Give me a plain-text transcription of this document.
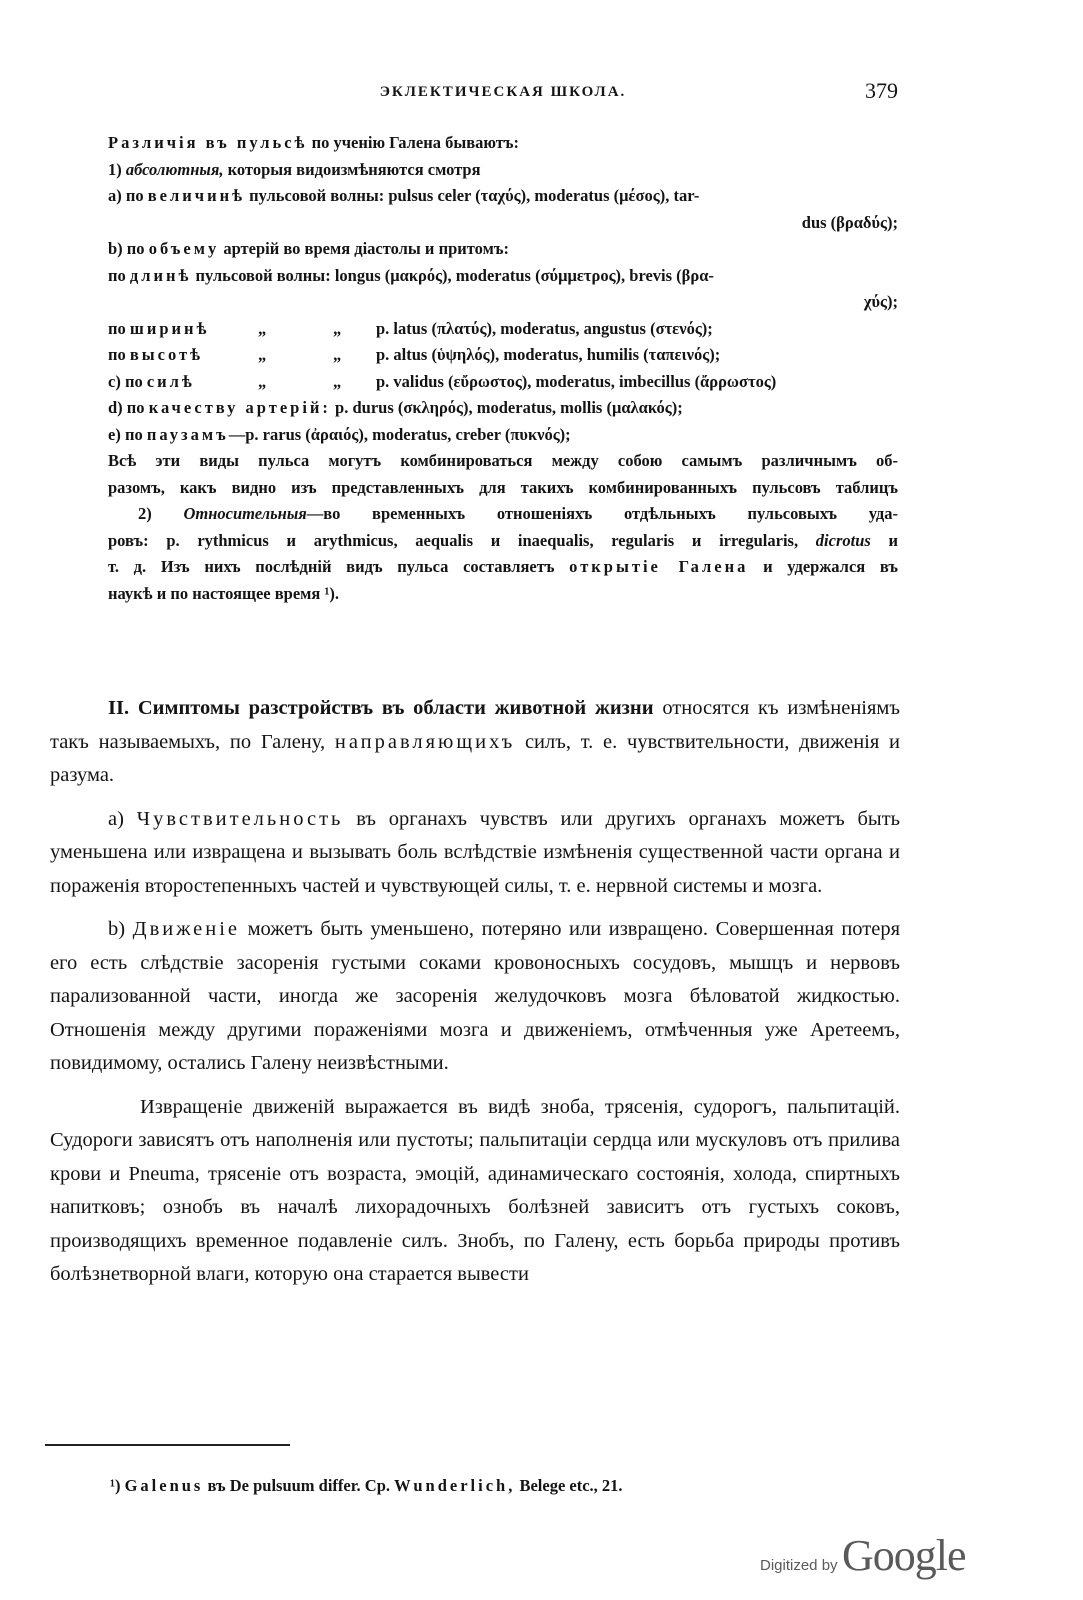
ЭКЛЕКТИЧЕСКАЯ ШКОЛА.	379
Различія въ пульсѣ по ученію Галена бываютъ:
1) абсолютныя, которыя видоизмѣняются смотря
a) по величинѣ пульсовой волны: pulsus celer (ταχύς), moderatus (μέσος), tar-
dus (βραδύς);
b) по объему артерій во время діастолы и притомъ:
по длинѣ пульсовой волны: longus (μακρός), moderatus (σύμμετρος), brevis (βρα-
χύς);
по ширинѣ	„	„ p. latus (πλατύς), moderatus, angustus (στενός);
по высотѣ	„	„ p. altus (ὑψηλός), moderatus, humilis (ταπεινός);
c) по силѣ	„	„ p. validus (εὔρωστος), moderatus, imbecillus (ἄρρωστος)
d) по качеству артерій: p. durus (σκληρός), moderatus, mollis (μαλακός);
e) по паузамъ—p. rarus (ἀραιός), moderatus, creber (πυκνός);
Всѣ эти виды пульса могутъ комбинироваться между собою самымъ различнымъ об-
разомъ, какъ видно изъ представленныхъ для такихъ комбинированныхъ пульсовъ таблицъ
2) Относительныя—во временныхъ отношеніяхъ отдѣльныхъ пульсовыхъ уда-
ровъ: p. rythmicus и arythmicus, aequalis и inaequalis, regularis и irregularis, dicrotus и
т. д. Изъ нихъ послѣдній видъ пульса составляетъ открытіе Галена и удержался въ
наукѣ и по настоящее время ¹).

II. Симптомы разстройствъ въ области животной жизни относятся къ измѣненіямъ такъ называемыхъ, по Галену, направляющихъ силъ, т. е. чувствительности, движенія и разума.

a) Чувствительность въ органахъ чувствъ или другихъ органахъ можетъ быть уменьшена или извращена и вызывать боль вслѣдствіе измѣненія существенной части органа и пораженія второстепенныхъ частей и чувствующей силы, т. е. нервной системы и мозга.

b) Движеніе можетъ быть уменьшено, потеряно или извращено. Совершенная потеря его есть слѣдствіе засоренія густыми соками кровоносныхъ сосудовъ, мышцъ и нервовъ парализованной части, иногда же засоренія желудочковъ мозга бѣловатой жидкостью. Отношенія между другими пораженіями мозга и движеніемъ, отмѣченныя уже Аретеемъ, повидимому, остались Галену неизвѣстными.

Извращеніе движеній выражается въ видѣ зноба, трясенія, судорогъ, пальпитацій. Судороги зависятъ отъ наполненія или пустоты; пальпитаціи сердца или мускуловъ отъ прилива крови и Pneuma, трясеніе отъ возраста, эмоцій, адинамическаго состоянія, холода, спиртныхъ напитковъ; ознобъ въ началѣ лихорадочныхъ болѣзней зависитъ отъ густыхъ соковъ, производящихъ временное подавленіе силъ. Знобъ, по Галену, есть борьба природы противъ болѣзнетворной влаги, которую она старается вывести

¹) Galenus въ De pulsuum differ. Ср. Wunderlich, Belege etc., 21.
Digitized by Google
